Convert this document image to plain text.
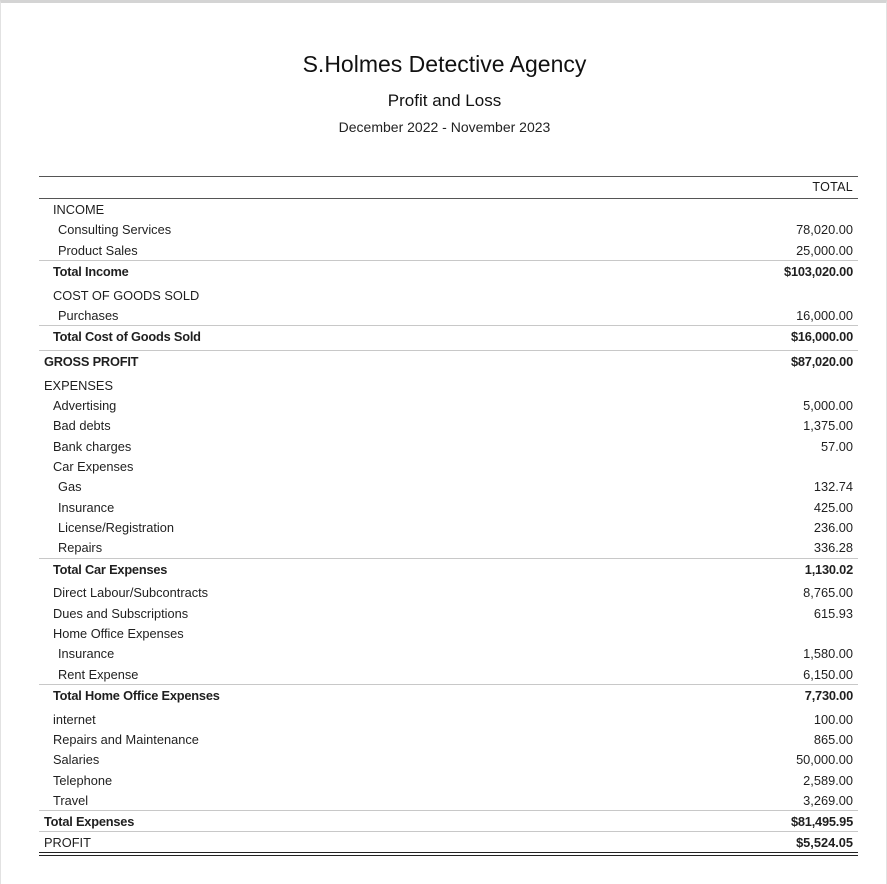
S.Holmes Detective Agency
Profit and Loss
December 2022 - November 2023
TOTAL
INCOME
Consulting Services	78,020.00
Product Sales	25,000.00
Total Income	$103,020.00
COST OF GOODS SOLD
Purchases	16,000.00
Total Cost of Goods Sold	$16,000.00
GROSS PROFIT	$87,020.00
EXPENSES
Advertising	5,000.00
Bad debts	1,375.00
Bank charges	57.00
Car Expenses
Gas	132.74
Insurance	425.00
License/Registration	236.00
Repairs	336.28
Total Car Expenses	1,130.02
Direct Labour/Subcontracts	8,765.00
Dues and Subscriptions	615.93
Home Office Expenses
Insurance	1,580.00
Rent Expense	6,150.00
Total Home Office Expenses	7,730.00
internet	100.00
Repairs and Maintenance	865.00
Salaries	50,000.00
Telephone	2,589.00
Travel	3,269.00
Total Expenses	$81,495.95
PROFIT	$5,524.05
